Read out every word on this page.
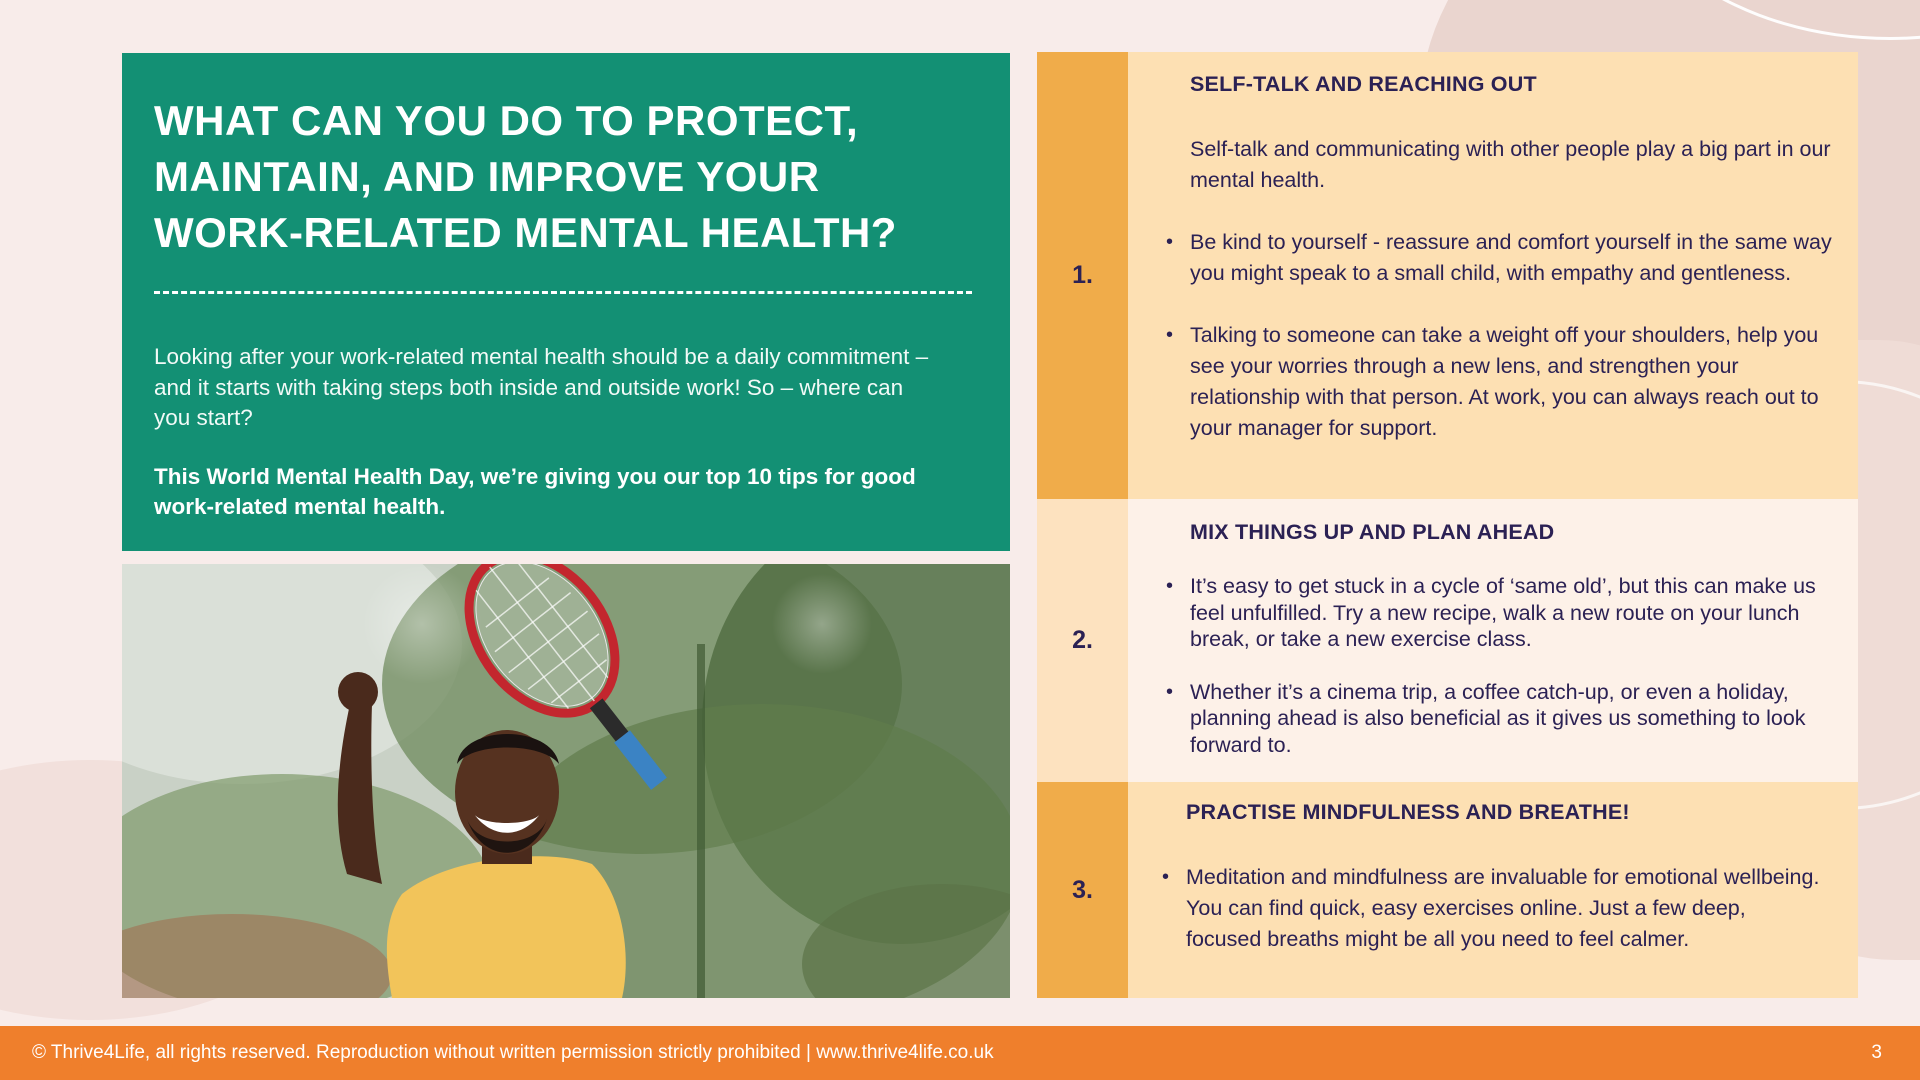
WHAT CAN YOU DO TO PROTECT, MAINTAIN, AND IMPROVE YOUR WORK-RELATED MENTAL HEALTH?

Looking after your work-related mental health should be a daily commitment – and it starts with taking steps both inside and outside work! So – where can you start?

This World Mental Health Day, we’re giving you our top 10 tips for good work-related mental health.

1.
SELF-TALK AND REACHING OUT

Self-talk and communicating with other people play a big part in our mental health.

• Be kind to yourself - reassure and comfort yourself in the same way you might speak to a small child, with empathy and gentleness.

• Talking to someone can take a weight off your shoulders, help you see your worries through a new lens, and strengthen your relationship with that person. At work, you can always reach out to your manager for support.

2.
MIX THINGS UP AND PLAN AHEAD

• It’s easy to get stuck in a cycle of ‘same old’, but this can make us feel unfulfilled. Try a new recipe, walk a new route on your lunch break, or take a new exercise class.

• Whether it’s a cinema trip, a coffee catch-up, or even a holiday, planning ahead is also beneficial as it gives us something to look forward to.

3.
PRACTISE MINDFULNESS AND BREATHE!

• Meditation and mindfulness are invaluable for emotional wellbeing. You can find quick, easy exercises online. Just a few deep, focused breaths might be all you need to feel calmer.

© Thrive4Life, all rights reserved. Reproduction without written permission strictly prohibited | www.thrive4life.co.uk	3
